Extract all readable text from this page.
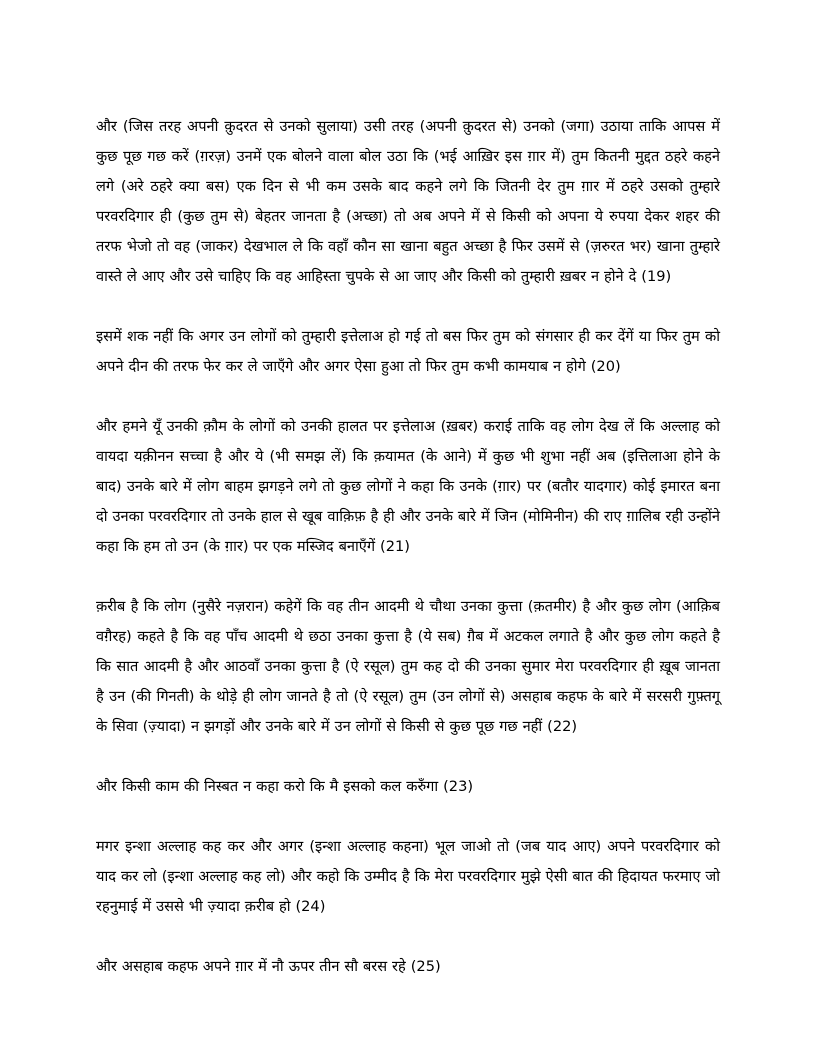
और (जिस तरह अपनी क़ुदरत से उनको सुलाया) उसी तरह (अपनी क़ुदरत से) उनको (जगा) उठाया ताकि आपस में कुछ पूछ गछ करें (ग़रज़) उनमें एक बोलने वाला बोल उठा कि (भई आख़िर इस ग़ार में) तुम कितनी मुद्दत ठहरे कहने लगे (अरे ठहरे क्या बस) एक दिन से भी कम उसके बाद कहने लगे कि जितनी देर तुम ग़ार में ठहरे उसको तुम्हारे परवरदिगार ही (कुछ तुम से) बेहतर जानता है (अच्छा) तो अब अपने में से किसी को अपना ये रुपया देकर शहर की तरफ भेजो तो वह (जाकर) देखभाल ले कि वहाँ कौन सा खाना बहुत अच्छा है फिर उसमें से (ज़रुरत भर) खाना तुम्हारे वास्ते ले आए और उसे चाहिए कि वह आहिस्ता चुपके से आ जाए और किसी को तुम्हारी ख़बर न होने दे (19)

इसमें शक नहीं कि अगर उन लोगों को तुम्हारी इत्तेलाअ हो गई तो बस फिर तुम को संगसार ही कर देंगें या फिर तुम को अपने दीन की तरफ फेर कर ले जाएँगे और अगर ऐसा हुआ तो फिर तुम कभी कामयाब न होगे (20)

और हमने यूँ उनकी क़ौम के लोगों को उनकी हालत पर इत्तेलाअ (ख़बर) कराई ताकि वह लोग देख लें कि अल्लाह को वायदा यक़ीनन सच्चा है और ये (भी समझ लें) कि क़यामत (के आने) में कुछ भी शुभा नहीं अब (इत्तिलाआ होने के बाद) उनके बारे में लोग बाहम झगड़ने लगे तो कुछ लोगों ने कहा कि उनके (ग़ार) पर (बतौर यादगार) कोई इमारत बना दो उनका परवरदिगार तो उनके हाल से खूब वाक़िफ़ है ही और उनके बारे में जिन (मोमिनीन) की राए ग़ालिब रही उन्होंने कहा कि हम तो उन (के ग़ार) पर एक मस्जिद बनाएँगें (21)

क़रीब है कि लोग (नुसैरे नज़रान) कहेगें कि वह तीन आदमी थे चौथा उनका कुत्ता (क़तमीर) है और कुछ लोग (आक़िब वग़ैरह) कहते है कि वह पाँच आदमी थे छठा उनका कुत्ता है (ये सब) ग़ैब में अटकल लगाते है और कुछ लोग कहते है कि सात आदमी है और आठवाँ उनका कुत्ता है (ऐ रसूल) तुम कह दो की उनका सुमार मेरा परवरदिगार ही ख़ूब जानता है उन (की गिनती) के थोड़े ही लोग जानते है तो (ऐ रसूल) तुम (उन लोगों से) असहाब कहफ के बारे में सरसरी गुफ़्तगू के सिवा (ज़्यादा) न झगड़ों और उनके बारे में उन लोगों से किसी से कुछ पूछ गछ नहीं (22)

और किसी काम की निस्बत न कहा करो कि मै इसको कल करुँगा (23)

मगर इन्शा अल्लाह कह कर और अगर (इन्शा अल्लाह कहना) भूल जाओ तो (जब याद आए) अपने परवरदिगार को याद कर लो (इन्शा अल्लाह कह लो) और कहो कि उम्मीद है कि मेरा परवरदिगार मुझे ऐसी बात की हिदायत फरमाए जो रहनुमाई में उससे भी ज़्यादा क़रीब हो (24)

और असहाब कहफ अपने ग़ार में नौ ऊपर तीन सौ बरस रहे (25)
